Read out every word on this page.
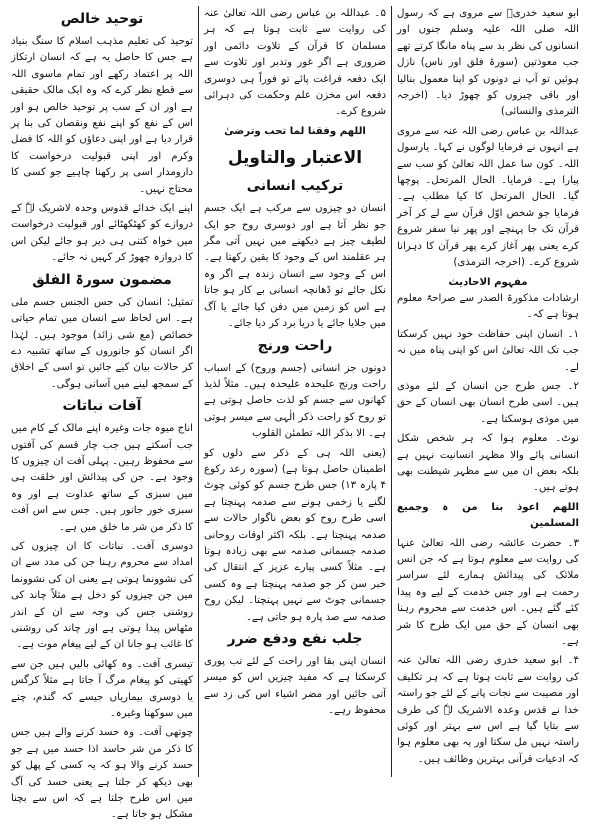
ابو سعید خدریؓ سے مروی ہے کہ رسول اللہ صلی اللہ علیہ وسلم جنوں اور انسانوں کی نظر بد سے پناہ مانگا کرتے تھے جب معوذتین (سورۃ فلق اور ناس) نازل ہوئیں تو آپ نے دونوں کو اپنا معمول بنالیا اور باقی چیزوں کو چھوڑ دیا۔ (اخرجہ الترمذی والنسائی)

عبداللہ بن عباس رضی اللہ عنہ سے مروی ہے انہوں نے فرمایا لوگوں نے کہا۔ یارسول اللہ۔ کون سا عمل اللہ تعالیٰ کو سب سے پیارا ہے۔ فرمایا۔ الحال المرتحل۔ پوچھا گیا۔ الحال المرتحل کا کیا مطلب ہے۔ فرمایا جو شخص اوّل قرآن سے لے کر آخر قرآن تک جا پہنچے اور پھر نیا سفر شروع کرے یعنی پھر آغاز کرے پھر قرآن کا دہرانا شروع کرے۔ (اخرجہ الترمذی)

مفہوم الاحادیث

ارشادات مذکورۃ الصدر سے صراحۃً معلوم ہوتا ہے کہ۔

۱۔ انسان اپنی حفاظت خود نہیں کرسکتا جب تک اللہ تعالیٰ اس کو اپنی پناہ میں نہ لے۔

۲۔ جس طرح جن انسان کے لئے موذی ہیں۔ اسی طرح انسان بھی انسان کے حق میں موذی ہوسکتا ہے۔

نوٹ۔ معلوم ہوا کہ ہر شخص شکل انسانی پائے والا مظہر انسانیت نہیں ہے بلکہ بعض ان میں سے مظہر شیطنت بھی ہوتے ہیں۔

اللھم اعوذ بنا من ہ وجمیع المسلمین

۳۔ حضرت عائشہ رضی اللہ تعالیٰ عنہا کی روایت سے معلوم ہوتا ہے کہ جن انس ملائک کی پیدائش ہمارے لئے سراسر رحمت ہے اور جس خدمت کے لیے وہ پیدا کئے گئے ہیں۔ اس خدمت سے محروم رہنا بھی انسان کے حق میں ایک طرح کا شر ہے۔

۴۔ ابو سعید خدری رضی اللہ تعالیٰ عنہ کی روایت سے ثابت ہوتا ہے کہ ہر تکلیف اور مصیبت سے نجات پانے کے لئے جو راستہ خدا نے قدس وعدہ الاشریک لہٗ کی طرف سے بتایا گیا ہے اس سے بہتر اور کوئی راستہ نہیں مل سکتا اور یہ بھی معلوم ہوا کہ ادعیات قرآنی بہترین وظائف ہیں۔

۵۔ عبداللہ بن عباس رضی اللہ تعالیٰ عنہ کی روایت سے ثابت ہوتا ہے کہ ہر مسلمان کا قرآن کے تلاوت دائمی اور ضروری ہے اگر غور وتدبر اور تلاوت سے ایک دفعہ فراغت پائے تو فوراً ہی دوسری دفعہ اس مخزن علم وحکمت کی دہرائی شروع کرے۔

اللھم وفقنا لما تحب وترضیٰ

الاعتبار والتاویل
ترکیب انسانی

انسان دو چیزوں سے مرکب ہے ایک جسم جو نظر آتا ہے اور دوسری روح جو ایک لطیف چیز ہے دیکھنے میں نہیں آتی مگر ہر عقلمند اس کے وجود کا یقین رکھتا ہے۔ اس کے وجود سے انسان زندہ ہے اگر وہ نکل جائے تو ڈھانچہ انسانی بے کار ہو جاتا ہے اس کو زمین میں دفن کیا جائے یا آگ میں جلایا جائے یا دریا برد کر دیا جائے۔

راحت ورنج

دونوں جز انسانی (جسم وروح) کے اسباب راحت ورنج علیحدہ علیحدہ ہیں۔ مثلاً لذیذ کھانوں سے جسم کو لذت حاصل ہوتی ہے تو روح کو راحت ذکر الٰہی سے میسر ہوتی ہے۔ الا بذکر اللہ تطمئن القلوب

(یعنی اللہ ہی کے ذکر سے دلوں کو اطمینان حاصل ہوتا ہے) (سورہ رعد رکوع ۴ پارہ ۱۳) جس طرح جسم کو کوئی چوٹ لگنے یا زخمی ہونے سے صدمہ پہنچتا ہے اسی طرح روح کو بعض ناگوار حالات سے صدمہ پہنچتا ہے۔ بلکہ اکثر اوقات روحانی صدمہ جسمانی صدمہ سے بھی زیادہ ہوتا ہے۔ مثلاً کسی پیارے عزیز کے انتقال کی خبر سن کر جو صدمہ پہنچتا ہے وہ کسی جسمانی چوٹ سے نہیں پہنچتا۔ لیکن روح صدمہ سے صد پارہ ہو جاتی ہے۔

جلب نفع ودفع ضرر

انسان اپنی بقا اور راحت کے لئے تب پوری کرسکتا ہے کہ مفید چیزیں اس کو میسر آتی جائیں اور مضر اشیاء اس کی زد سے محفوظ رہے۔

توحید خالص

توحید کی تعلیم مذہب اسلام کا سنگ بنیاد ہے جس کا حاصل یہ ہے کہ انسان ارتکاز اللہ پر اعتماد رکھے اور تمام ماسوی اللہ سے قطع نظر کرے کہ وہ ایک مالک حقیقی ہے اور ان کے سب پر توحید خالص ہو اور اس کے نفع کو اپنے نفع ونقصان کی بنا پر قرار دیا ہے اور اپنی دعاؤں کو اللہ کا فضل وکرم اور اپنی قبولیت درخواست کا دارومدار اسی پر رکھنا چاہیے جو کسی کا محتاج نہیں۔

اپنے ایک خدائے قدوس وحدہ لاشریک لہٗ کے دروازے کو کھٹکھٹائے اور قبولیت درخواست میں خواہ کتنی ہی دیر ہو جائے لیکن اس کا دروازہ چھوڑ کر کہیں نہ جائے۔

مضمون سورۃ الفلق

تمثیل: انسان کی جس الجنس جسم ملی ہے۔ اس لحاظ سے انسان میں تمام حیاتی خصائص (مع شی زائد) موجود ہیں۔ لہٰذا اگر انسان کو جانوروں کے ساتھ تشبیہ دے کر حالات بیان کیے جائیں تو اسی کے اخلاق کے سمجھ لینے میں آسانی ہوگی۔

آفات نباتات

اناج میوہ جات وغیرہ اپنے مالک کے کام میں جب آسکتے ہیں جب چار قسم کی آفتوں سے محفوظ رہیں۔ پہلی آفت ان چیزوں کا وجود ہے۔ جن کی پیدائش اور خلقت ہی میں سبزی کے ساتھ عداوت ہے اور وہ سبزی خور جانور ہیں۔ جس سے اس آفت کا ذکر من شر ما خلق میں ہے۔

دوسری آفت۔ نباتات کا ان چیزوں کی امداد سے محروم رہنا جن کی مدد سے ان کی نشوونما ہوتی ہے یعنی ان کی نشوونما میں جن چیزوں کو دخل ہے مثلاً چاند کی روشنی جس کی وجہ سے ان کے اندر مٹھاس پیدا ہوتی ہے اور چاند کی روشنی کا غائب ہو جانا ان کے لیے پیغام موت ہے۔

تیسری آفت۔ وہ کھائی بالیں ہیں جن سے کھیتی کو پیغام مرگ آ جاتا ہے مثلاً کرگس یا دوسری بیماریاں جیسے کہ گندم، چنے میں سوکھنا وغیرہ۔

چوتھی آفت۔ وہ حسد کرنے والے ہیں جس کا ذکر من شر حاسد اذا حسد میں ہے جو حسد کرنے والا ہو کہ یہ کسی کے پھل کو بھی دیکھ کر جلتا ہے یعنی حسد کی آگ میں اس طرح جلتا ہے کہ اس سے بچنا مشکل ہو جاتا ہے۔
